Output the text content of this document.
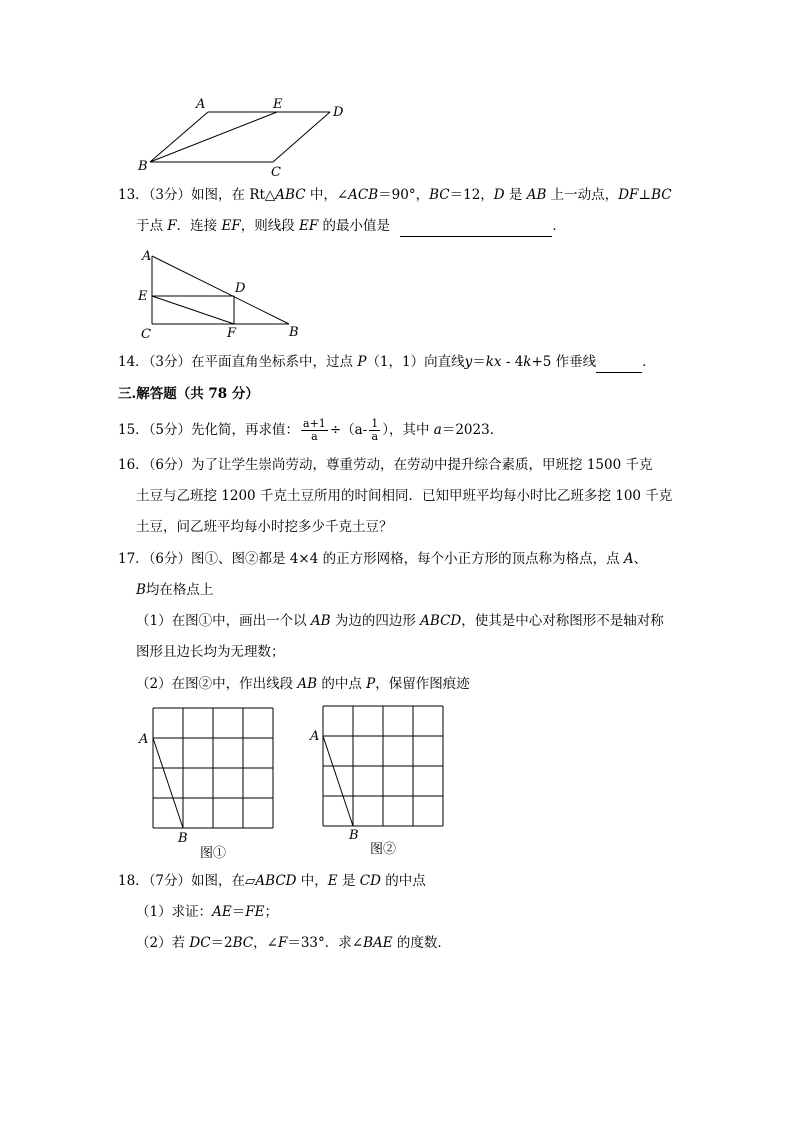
A	E
D
B	C
13．（3分）如图，在 Rt△ABC 中，∠ACB＝90°，BC＝12，D 是 AB 上一动点，DF⊥BC
于点 F．连接 EF，则线段 EF 的最小值是	．
A
E
D
C	F	B
14．（3分）在平面直角坐标系中，过点 P（1，1）向直线y＝kx - 4k+5 作垂线	．
三.解答题（共 78 分）
15．（5分）先化简，再求值： $\frac{a+1}{a} \div(a- \frac{1}{a}$ ），其中 a＝2023．
16．（6分）为了让学生崇尚劳动，尊重劳动，在劳动中提升综合素质，甲班挖 1500 千克
土豆与乙班挖 1200 千克土豆所用的时间相同．已知甲班平均每小时比乙班多挖 100 千克
土豆，问乙班平均每小时挖多少千克土豆？
17．（6分）图①、图②都是 4×4 的正方形网格，每个小正方形的顶点称为格点，点 A、
B均在格点上
（1）在图①中，画出一个以 AB 为边的四边形 ABCD，使其是中心对称图形不是轴对称
图形且边长均为无理数；
（2）在图②中，作出线段 AB 的中点 P，保留作图痕迹
A
B
图①
A
B
图②
18．（7分）如图，在▱ABCD 中，E 是 CD 的中点
（1）求证：AE＝FE；
（2）若 DC＝2BC，∠F＝33°．求∠BAE 的度数．
